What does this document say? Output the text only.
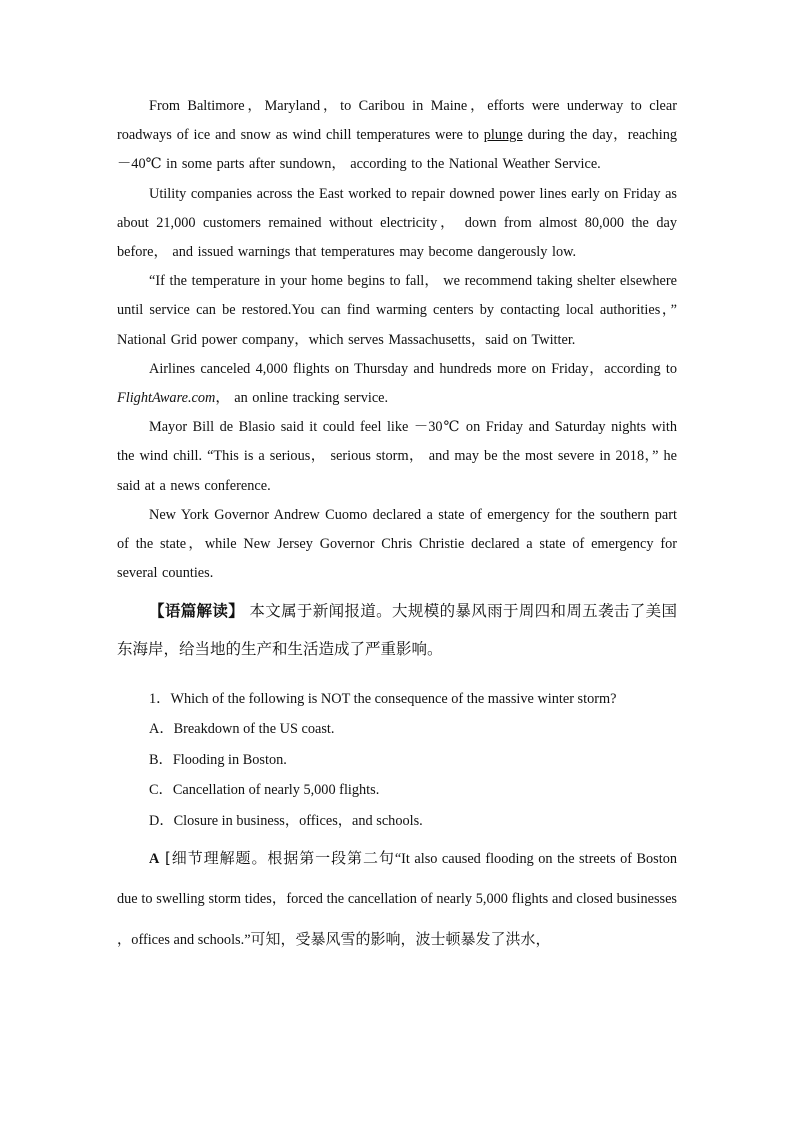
From Baltimore，Maryland，to Caribou in Maine，efforts were underway to clear roadways of ice and snow as wind chill temperatures were to plunge during the day，reaching －40℃ in some parts after sundown， according to the National Weather Service.

Utility companies across the East worked to repair downed power lines early on Friday as about 21,000 customers remained without electricity， down from almost 80,000 the day before， and issued warnings that temperatures may become dangerously low.

“If the temperature in your home begins to fall， we recommend taking shelter elsewhere until service can be restored.You can find warming centers by contacting local authorities，” National Grid power company，which serves Massachusetts，said on Twitter.

Airlines canceled 4,000 flights on Thursday and hundreds more on Friday，according to FlightAware.com， an online tracking service.

Mayor Bill de Blasio said it could feel like －30℃ on Friday and Saturday nights with the wind chill. “This is a serious， serious storm， and may be the most severe in 2018，” he said at a news conference.

New York Governor Andrew Cuomo declared a state of emergency for the southern part of the state，while New Jersey Governor Chris Christie declared a state of emergency for several counties.

【语篇解读】 本文属于新闻报道。大规模的暴风雨于周四和周五袭击了美国东海岸，给当地的生产和生活造成了严重影响。

1．Which of the following is NOT the consequence of the massive winter storm?
A．Breakdown of the US coast.
B．Flooding in Boston.
C．Cancellation of nearly 5,000 flights.
D．Closure in business，offices，and schools.

A [细节理解题。根据第一段第二句“It also caused flooding on the streets of Boston due to swelling storm tides，forced the cancellation of nearly 5,000 flights and closed businesses ，offices and schools.”可知，受暴风雪的影响，波士顿暴发了洪水，
